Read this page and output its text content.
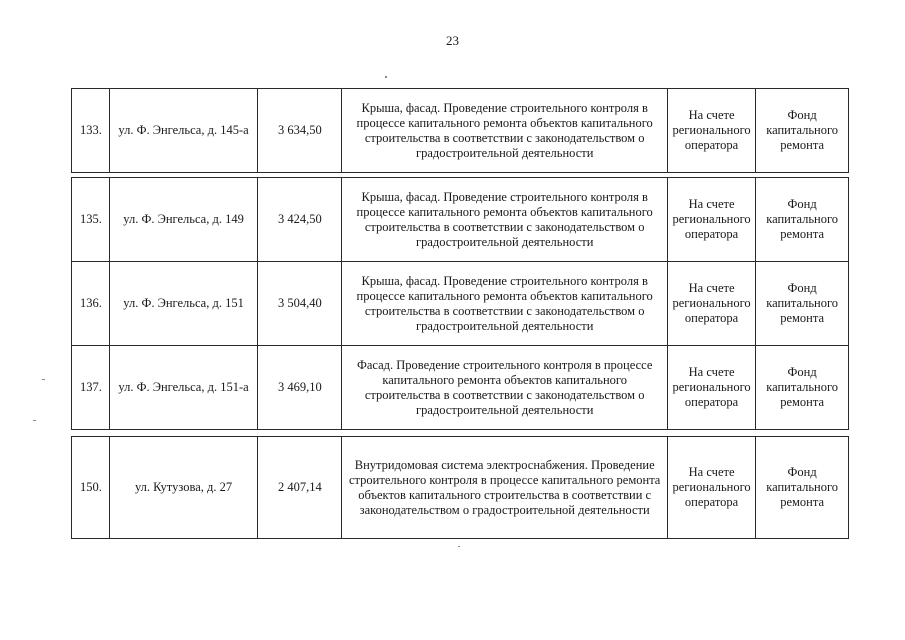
23
133.	ул. Ф. Энгельса, д. 145-а	3 634,50	Крыша, фасад. Проведение строительного контроля в процессе капитального ремонта объектов капитального строительства в соответствии с законодательством о градостроительной деятельности	На счете регионального оператора	Фонд капитального ремонта
135.	ул. Ф. Энгельса, д. 149	3 424,50	Крыша, фасад. Проведение строительного контроля в процессе капитального ремонта объектов капитального строительства в соответствии с законодательством о градостроительной деятельности	На счете регионального оператора	Фонд капитального ремонта
136.	ул. Ф. Энгельса, д. 151	3 504,40	Крыша, фасад. Проведение строительного контроля в процессе капитального ремонта объектов капитального строительства в соответствии с законодательством о градостроительной деятельности	На счете регионального оператора	Фонд капитального ремонта
137.	ул. Ф. Энгельса, д. 151-а	3 469,10	Фасад. Проведение строительного контроля в процессе капитального ремонта объектов капитального строительства в соответствии с законодательством о градостроительной деятельности	На счете регионального оператора	Фонд капитального ремонта
150.	ул. Кутузова, д. 27	2 407,14	Внутридомовая система электроснабжения. Проведение строительного контроля в процессе капитального ремонта объектов капитального строительства в соответствии с законодательством о градостроительной деятельности	На счете регионального оператора	Фонд капитального ремонта
